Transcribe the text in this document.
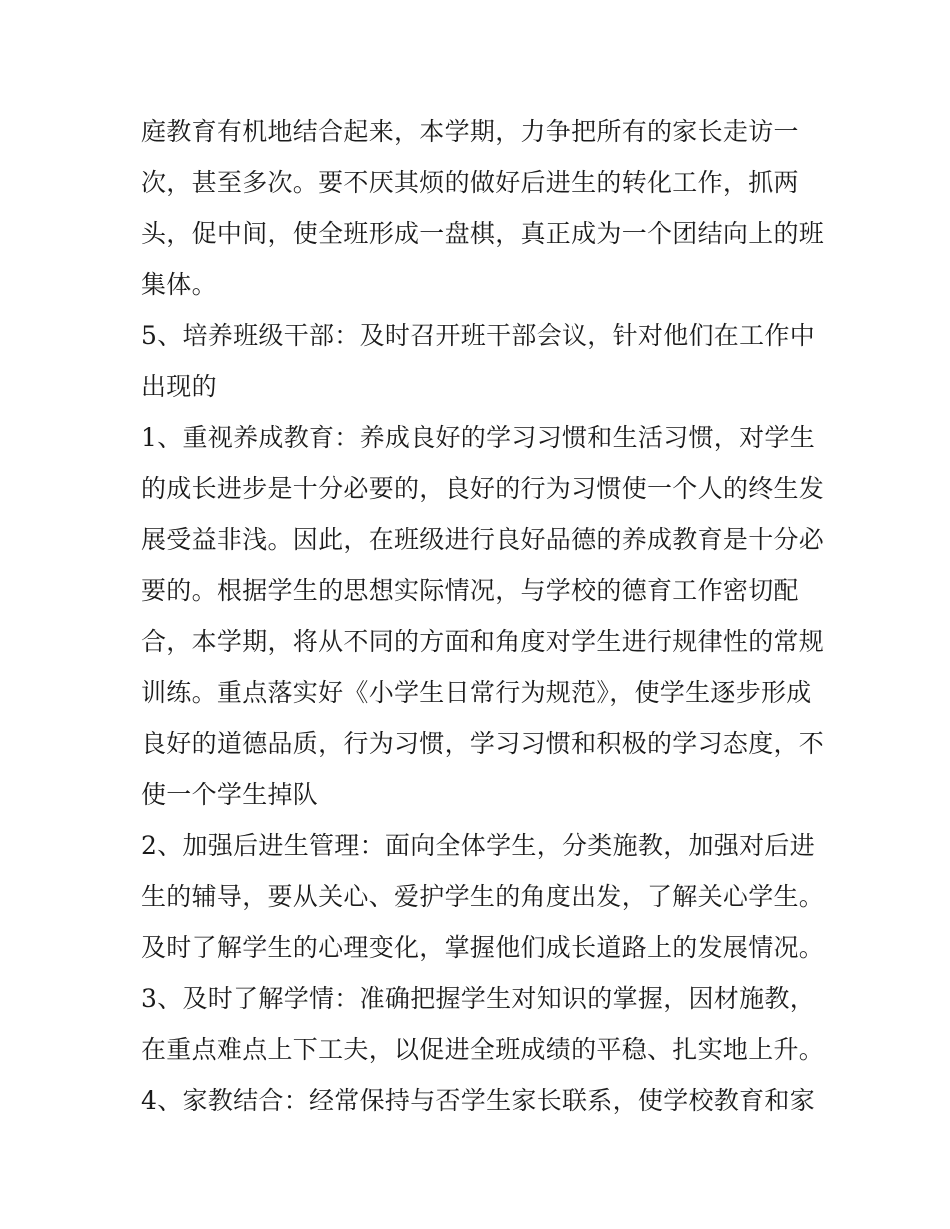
庭教育有机地结合起来，本学期，力争把所有的家长走访一
次，甚至多次。要不厌其烦的做好后进生的转化工作，抓两
头，促中间，使全班形成一盘棋，真正成为一个团结向上的班
集体。
5、培养班级干部：及时召开班干部会议，针对他们在工作中
出现的
1、重视养成教育：养成良好的学习习惯和生活习惯，对学生
的成长进步是十分必要的，良好的行为习惯使一个人的终生发
展受益非浅。因此，在班级进行良好品德的养成教育是十分必
要的。根据学生的思想实际情况，与学校的德育工作密切配
合，本学期，将从不同的方面和角度对学生进行规律性的常规
训练。重点落实好《小学生日常行为规范》，使学生逐步形成
良好的道德品质，行为习惯，学习习惯和积极的学习态度，不
使一个学生掉队
2、加强后进生管理：面向全体学生，分类施教，加强对后进
生的辅导，要从关心、爱护学生的角度出发，了解关心学生。
及时了解学生的心理变化，掌握他们成长道路上的发展情况。
3、及时了解学情：准确把握学生对知识的掌握，因材施教，
在重点难点上下工夫，以促进全班成绩的平稳、扎实地上升。
4、家教结合：经常保持与否学生家长联系，使学校教育和家
